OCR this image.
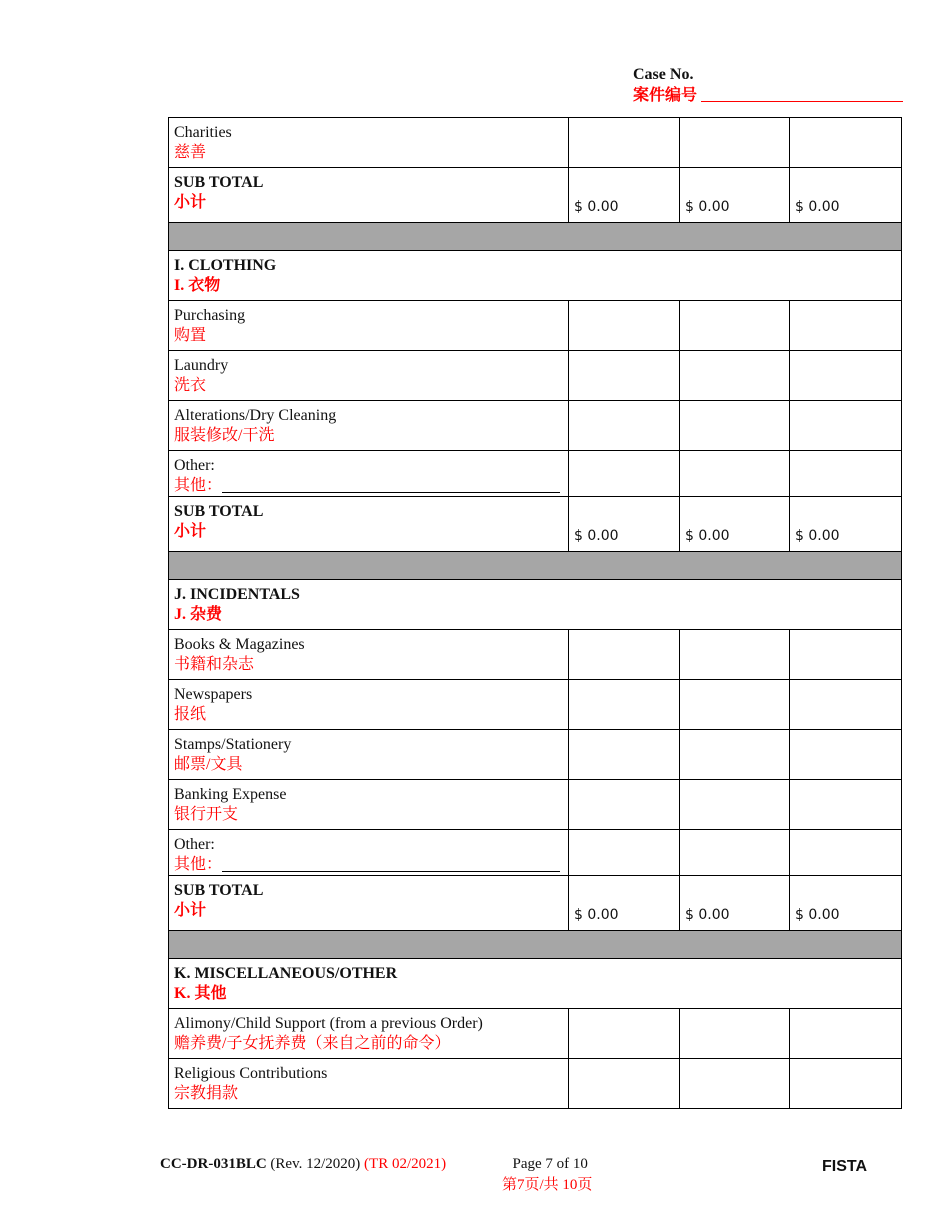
Case No.
案件编号
Charities
慈善			

SUB TOTAL
小计	$ 0.00	$ 0.00	$ 0.00

I. CLOTHING
I. 衣物			

Purchasing
购置			

Laundry
洗衣			

Alterations/Dry Cleaning
服装修改/干洗			

Other:
其他：			

SUB TOTAL
小计	$ 0.00	$ 0.00	$ 0.00

J. INCIDENTALS
J. 杂费			

Books & Magazines
书籍和杂志			

Newspapers
报纸			

Stamps/Stationery
邮票/文具			

Banking Expense
银行开支			

Other:
其他：			

SUB TOTAL
小计	$ 0.00	$ 0.00	$ 0.00

K. MISCELLANEOUS/OTHER
K. 其他			

Alimony/Child Support (from a previous Order)
赡养费/子女抚养费（来自之前的命令）			

Religious Contributions
宗教捐款			

CC-DR-031BLC (Rev. 12/2020) (TR 02/2021)	Page 7 of 10
第7页/共 10页
FISTA
